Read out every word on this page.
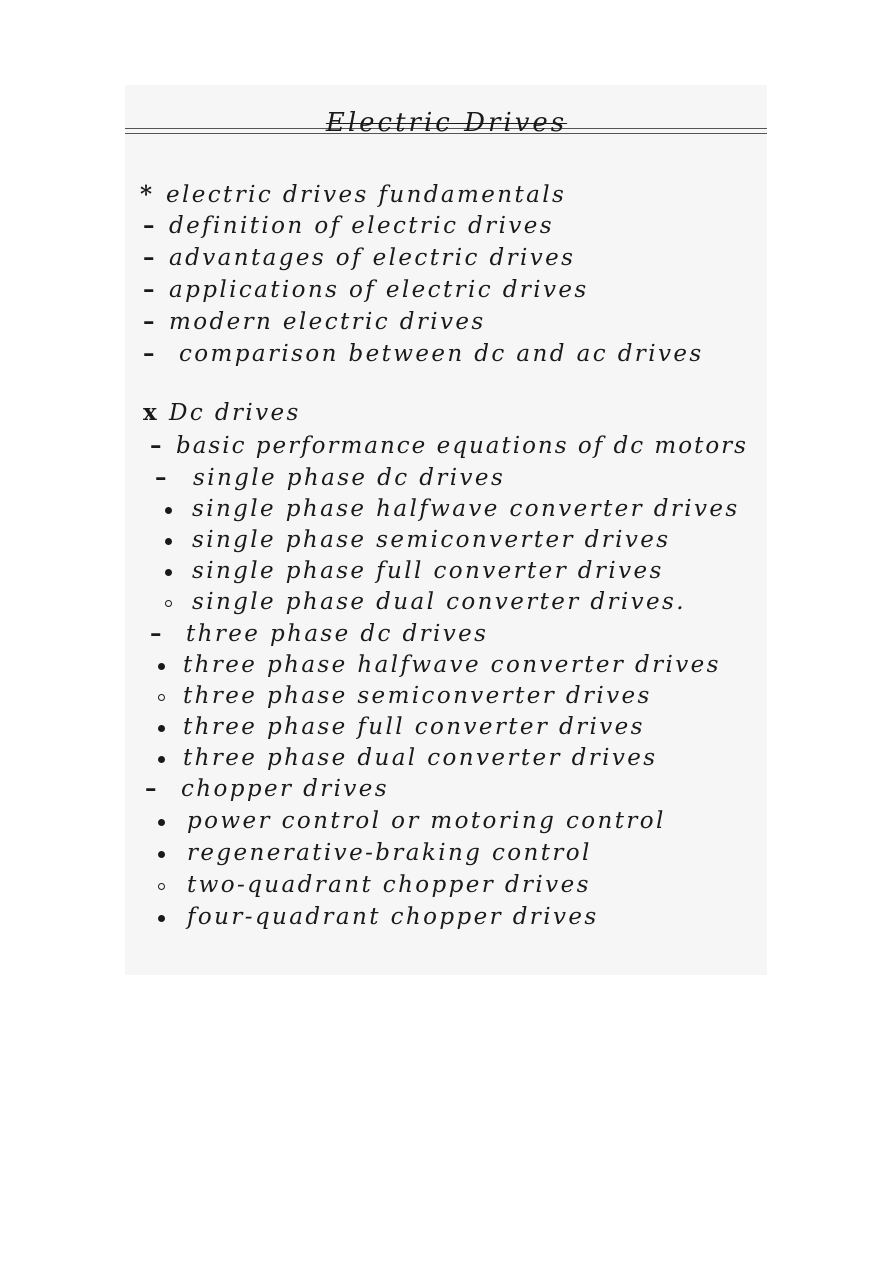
Electric Drives
* electric drives fundamentals
– definition of electric drives
– advantages of electric drives
– applications of electric drives
– modern electric drives
– comparison between dc and ac drives
x Dc drives
– basic performance equations of dc motors
– single phase dc drives
single phase halfwave converter drives
single phase semiconverter drives
single phase full converter drives
single phase dual converter drives.
– three phase dc drives
three phase halfwave converter drives
three phase semiconverter drives
three phase full converter drives
three phase dual converter drives
– chopper drives
power control or motoring control
regenerative-braking control
two-quadrant chopper drives
four-quadrant chopper drives
